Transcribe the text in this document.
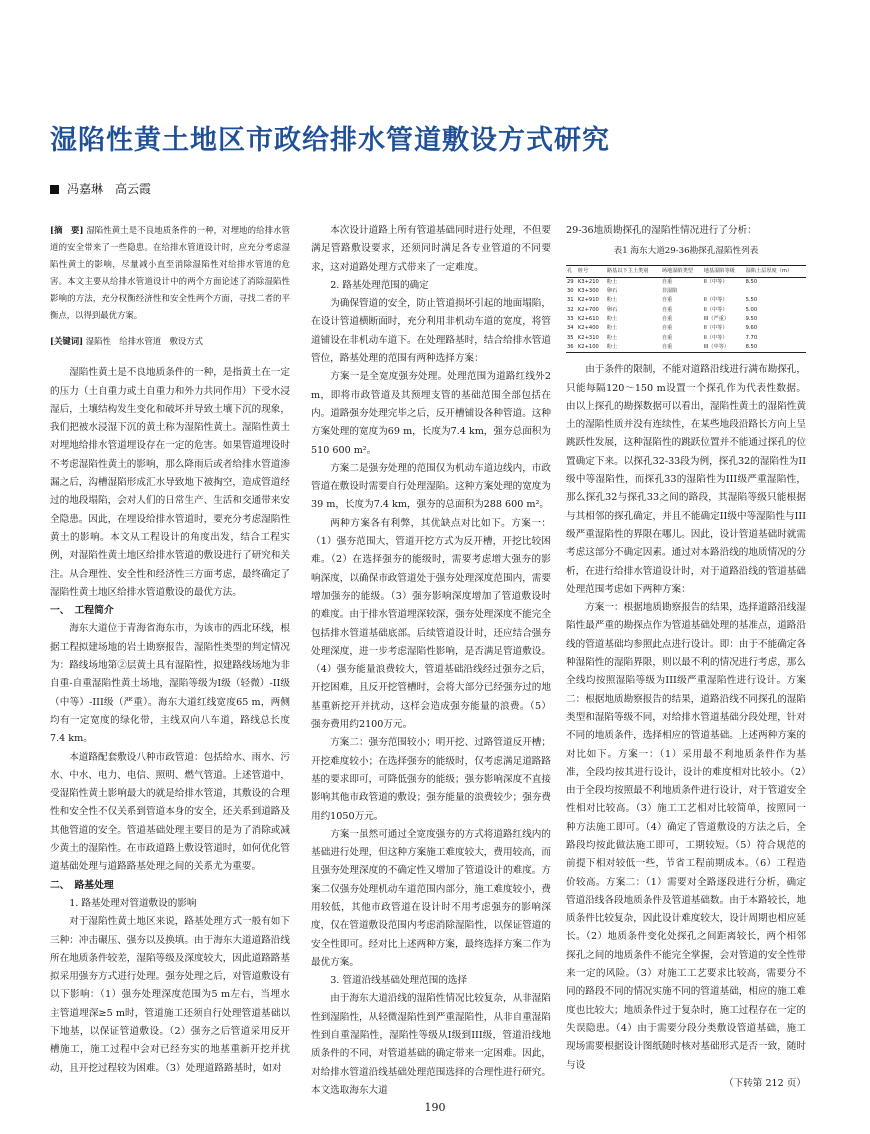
湿陷性黄土地区市政给排水管道敷设方式研究
冯嘉琳　高云霞

[摘　要] 湿陷性黄土是不良地质条件的一种，对埋地的给排水管道的安全带来了一些隐患。在给排水管道设计时，应充分考虑湿陷性黄土的影响，尽量减小直至消除湿陷性对给排水管道的危害。本文主要从给排水管道设计中的两个方面论述了消除湿陷性影响的方法，充分权衡经济性和安全性两个方面，寻找二者的平衡点，以得到最优方案。

[关键词] 湿陷性　给排水管道　敷设方式

湿陷性黄土是不良地质条件的一种，是指黄土在一定的压力（土自重力或土自重力和外力共同作用）下受水浸湿后，土壤结构发生变化和破坏并导致土壤下沉的现象，我们把被水浸湿下沉的黄土称为湿陷性黄土。湿陷性黄土对埋地给排水管道埋设存在一定的危害。如果管道埋设时不考虑湿陷性黄土的影响，那么降雨后或者给排水管道渗漏之后，沟槽湿陷形成汇水导致地下被掏空，造成管道经过的地段塌陷，会对人们的日常生产、生活和交通带来安全隐患。因此，在埋设给排水管道时，要充分考虑湿陷性黄土的影响。本文从工程设计的角度出发，结合工程实例，对湿陷性黄土地区给排水管道的敷设进行了研究和关注。从合理性、安全性和经济性三方面考虑，最终确定了湿陷性黄土地区给排水管道敷设的最优方法。

一、　工程简介

海东大道位于青海省海东市，为该市的西北环线，根据工程拟建场地的岩土勘察报告，湿陷性类型的判定情况为：路线场地第②层黄土具有湿陷性，拟建路线场地为非自重-自重湿陷性黄土场地，湿陷等级为I级（轻微）-II级（中等）-III级（严重）。海东大道红线宽度65 m，两侧均有一定宽度的绿化带，主线双向八车道，路线总长度7.4 km。

本道路配套敷设八种市政管道：包括给水、雨水、污水、中水、电力、电信、照明、燃气管道。上述管道中，受湿陷性黄土影响最大的就是给排水管道，其敷设的合理性和安全性不仅关系到管道本身的安全，还关系到道路及其他管道的安全。管道基础处理主要目的是为了消除或减少黄土的湿陷性。在市政道路上敷设管道时，如何优化管道基础处理与道路路基处理之间的关系尤为重要。

二、　路基处理

1. 路基处理对管道敷设的影响

对于湿陷性黄土地区来说，路基处理方式一般有如下三种：冲击碾压、强夯以及换填。由于海东大道道路沿线所在地质条件较差，湿陷等级及深度较大，因此道路路基拟采用强夯方式进行处理。强夯处理之后，对管道敷设有以下影响：（1）强夯处理深度范围为5 m左右，当埋水主管道埋深≥5 m时，管道施工还须自行处理管道基础以下地基，以保证管道敷设。（2）强夯之后管道采用反开槽施工，施工过程中会对已经夯实的地基重新开挖并扰动，且开挖过程较为困难。（3）处理道路路基时，如对

本次设计道路上所有管道基础同时进行处理，不但要满足管路敷设要求，还须同时满足各专业管道的不同要求，这对道路处理方式带来了一定难度。

2. 路基处理范围的确定

为确保管道的安全，防止管道损坏引起的地面塌陷，在设计管道横断面时，充分利用非机动车道的宽度，将管道铺设在非机动车道下。在处理路基时，结合给排水管道管位，路基处理的范围有两种选择方案：

方案一是全宽度强夯处理。处理范围为道路红线外2 m，即将市政管道及其预埋支管的基础范围全部包括在内。道路强夯处理完毕之后，反开槽铺设各种管道。这种方案处理的宽度为69 m，长度为7.4 km，强夯总面积为510 600 m²。

方案二是强夯处理的范围仅为机动车道边线内，市政管道在敷设时需要自行处理湿陷。这种方案处理的宽度为39 m，长度为7.4 km，强夯的总面积为288 600 m²。

两种方案各有利弊，其优缺点对比如下。方案一：（1）强夯范围大，管道开挖方式为反开槽，开挖比较困难。（2）在选择强夯的能级时，需要考虑增大强夯的影响深度，以确保市政管道处于强夯处理深度范围内，需要增加强夯的能级。（3）强夯影响深度增加了管道敷设时的难度。由于排水管道埋深较深，强夯处理深度不能完全包括排水管道基础底部。后续管道设计时，还应结合强夯处理深度，进一步考虑湿陷性影响，是否满足管道敷设。（4）强夯能量浪费较大，管道基础沿线经过强夯之后，开挖困难，且反开挖管槽时，会将大部分已经强夯过的地基重新挖开并扰动，这样会造成强夯能量的浪费。（5）强夯费用约2100万元。

方案二：强夯范围较小；明开挖、过路管道反开槽；开挖难度较小；在选择强夯的能级时，仅考虑满足道路路基的要求即可，可降低强夯的能级；强夯影响深度不直接影响其他市政管道的敷设；强夯能量的浪费较少；强夯费用约1050万元。

方案一虽然可通过全宽度强夯的方式将道路红线内的基础进行处理，但这种方案施工难度较大，费用较高，而且强夯处理深度的不确定性又增加了管道设计的难度。方案二仅强夯处理机动车道范围内部分，施工难度较小，费用较低，其他市政管道在设计时不用考虑强夯的影响深度，仅在管道敷设范围内考虑消除湿陷性，以保证管道的安全性即可。经对比上述两种方案，最终选择方案二作为最优方案。

3. 管道沿线基础处理范围的选择

由于海东大道沿线的湿陷性情况比较复杂，从非湿陷性到湿陷性，从轻微湿陷性到严重湿陷性，从非自重湿陷性到自重湿陷性，湿陷性等级从I级到III级，管道沿线地质条件的不同，对管道基础的确定带来一定困难。因此，对给排水管道沿线基础处理范围选择的合理性进行研究。本文选取海东大道

29-36地质勘探孔的湿陷性情况进行了分析：

表1 海东大道29-36勘探孔湿陷性列表

孔	桩号	路基以下主土类别	场地湿陷类型	地基湿陷等级	湿陷土层厚度（m）
29	K3+210	粉土	自重	II（中等）	8.50
30	K3+300	卵石	非湿陷		
31	K2+910	粉土	自重	II（中等）	5.50
32	K2+700	卵石	自重	II（中等）	5.00
33	K2+610	粉土	自重	III（严重）	9.50
34	K2+400	粉土	自重	II（中等）	9.60
35	K2+310	粉土	自重	II（中等）	7.70
36	K2+100	粉土	自重	III（中等）	8.50

由于条件的限制，不能对道路沿线进行满布勘探孔，只能每隔120～150 m设置一个探孔作为代表性数据。由以上探孔的勘探数据可以看出，湿陷性黄土的湿陷性黄土的湿陷性质并没有连续性，在某些地段沿路长方向上呈跳跃性发展，这种湿陷性的跳跃位置并不能通过探孔的位置确定下来。以探孔32-33段为例，探孔32的湿陷性为II级中等湿陷性，而探孔33的湿陷性为III级严重湿陷性，那么探孔32与探孔33之间的路段，其湿陷等级只能根据与其相邻的探孔确定，并且不能确定II级中等湿陷性与III级严重湿陷性的界限在哪儿。因此，设计管道基础时就需考虑这部分不确定因素。通过对本路沿线的地质情况的分析，在进行给排水管道设计时，对于道路沿线的管道基础处理范围考虑如下两种方案：

方案一：根据地质勘察报告的结果，选择道路沿线湿陷性最严重的勘探点作为管道基础处理的基准点，道路沿线的管道基础均参照此点进行设计。即：由于不能确定各种湿陷性的湿陷界限，则以最不利的情况进行考虑，那么全线均按照湿陷等级为III级严重湿陷性进行设计。方案二：根据地质勘察报告的结果，道路沿线不同探孔的湿陷类型和湿陷等级不同，对给排水管道基础分段处理，针对不同的地质条件，选择相应的管道基础。上述两种方案的对比如下。方案一：（1）采用最不利地质条件作为基准，全段均按其进行设计，设计的难度相对比较小。（2）由于全段均按照最不利地质条件进行设计，对于管道安全性相对比较高。（3）施工工艺相对比较简单，按照同一种方法施工即可。（4）确定了管道敷设的方法之后，全路段均按此做法施工即可，工期较短。（5）符合规范的前提下相对较低一些，节省工程前期成本。（6）工程造价较高。方案二：（1）需要对全路逐段进行分析，确定管道沿线各段地质条件及管道基础数。由于本路较长，地质条件比较复杂，因此设计难度较大，设计周期也相应延长。（2）地质条件变化处探孔之间距离较长，两个相邻探孔之间的地质条件不能完全掌握，会对管道的安全性带来一定的风险。（3）对施工工艺要求比较高，需要分不同的路段不同的情况实施不同的管道基础，相应的施工难度也比较大；地质条件过于复杂时，施工过程存在一定的失误隐患。（4）由于需要分段分类敷设管道基础，施工现场需要根据设计图纸随时核对基础形式是否一致，随时与设

（下转第 212 页）

190
